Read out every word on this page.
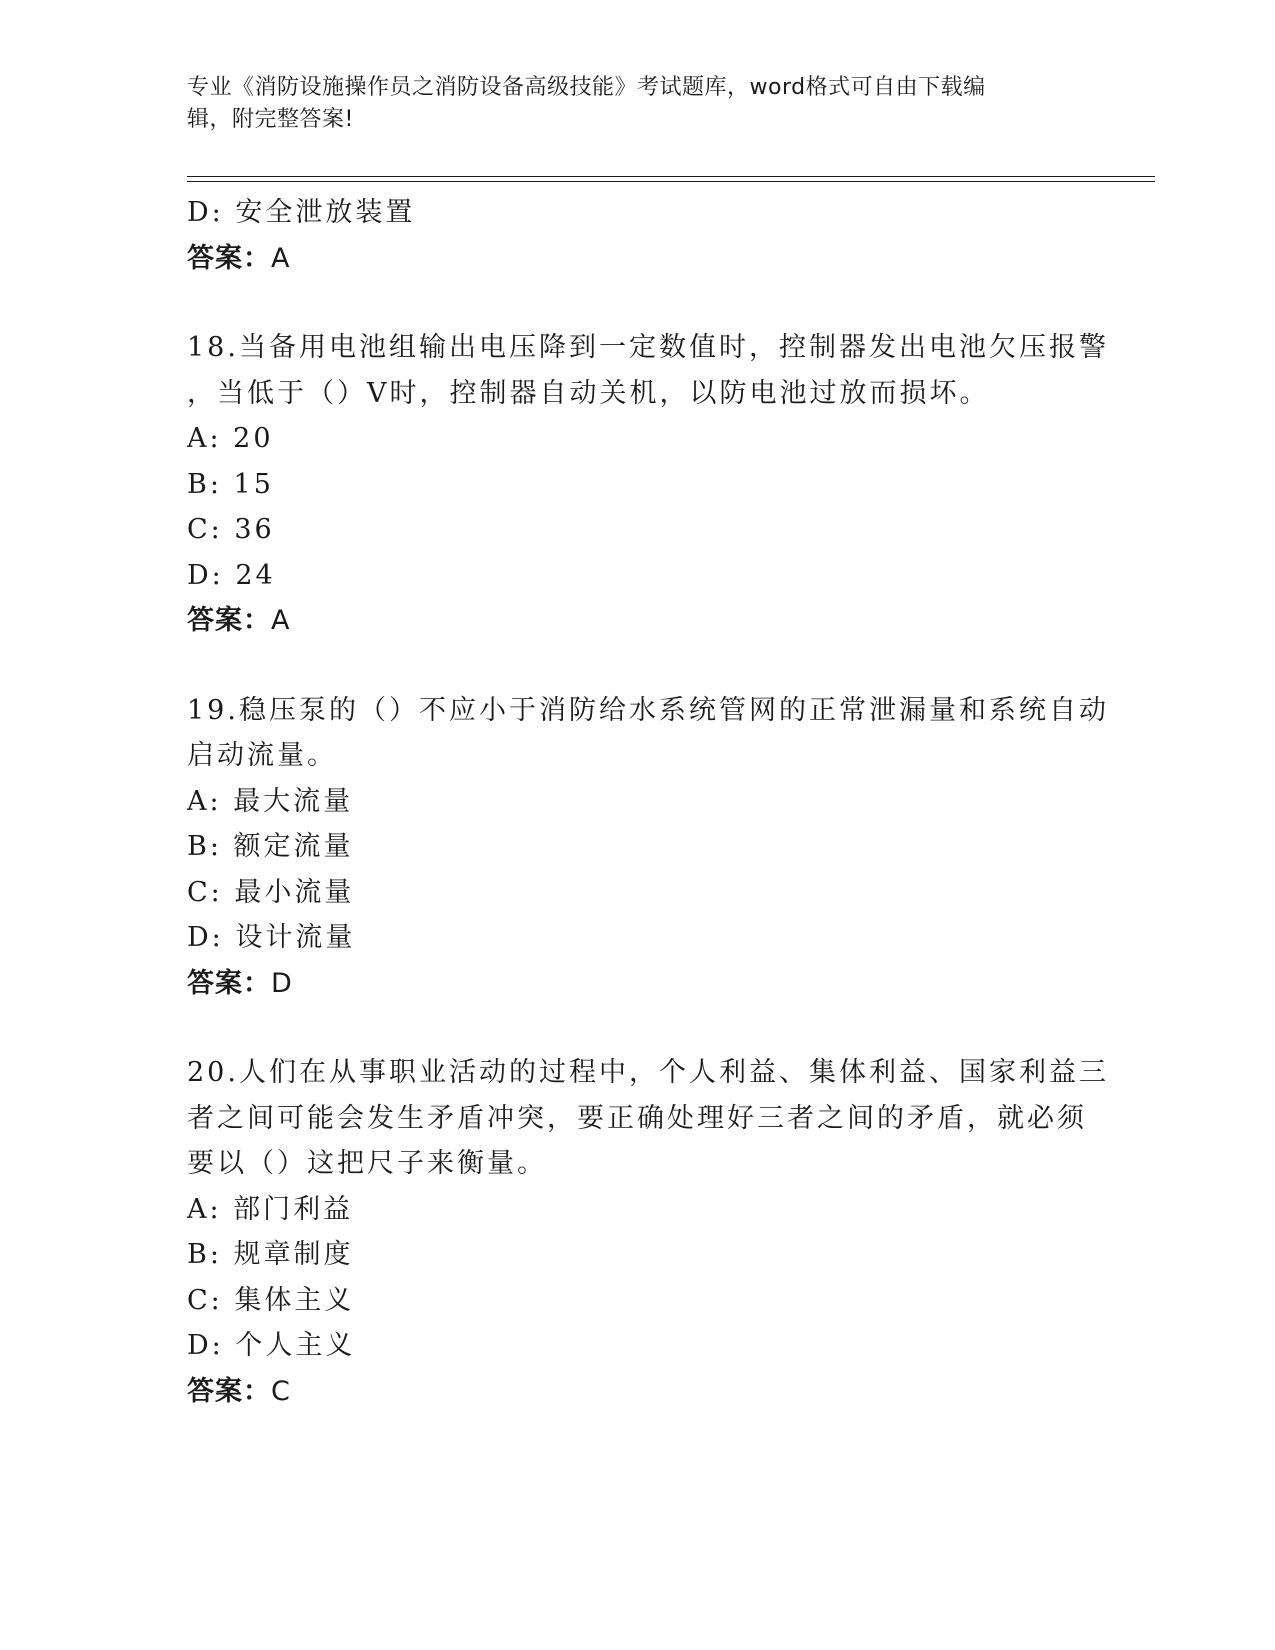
专业《消防设施操作员之消防设备高级技能》考试题库，word格式可自由下载编
辑，附完整答案!
D: 安全泄放装置
答案：A
18.当备用电池组输出电压降到一定数值时，控制器发出电池欠压报警
，当低于（）V时，控制器自动关机，以防电池过放而损坏。
A: 20
B: 15
C: 36
D: 24
答案：A
19.稳压泵的（）不应小于消防给水系统管网的正常泄漏量和系统自动
启动流量。
A: 最大流量
B: 额定流量
C: 最小流量
D: 设计流量
答案：D
20.人们在从事职业活动的过程中，个人利益、集体利益、国家利益三
者之间可能会发生矛盾冲突，要正确处理好三者之间的矛盾，就必须
要以（）这把尺子来衡量。
A: 部门利益
B: 规章制度
C: 集体主义
D: 个人主义
答案：C
